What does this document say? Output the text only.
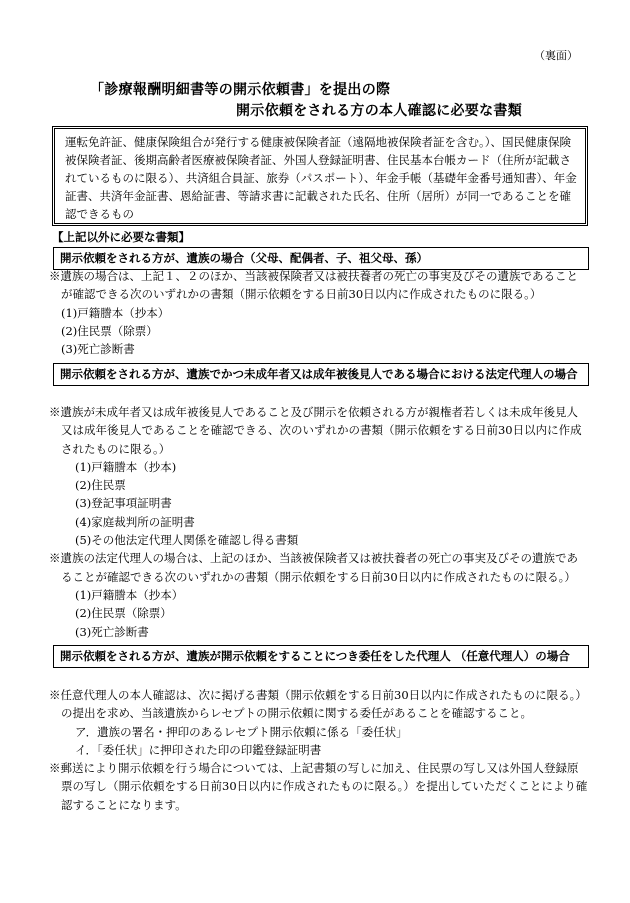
（裏面）
「診療報酬明細書等の開示依頼書」を提出の際
開示依頼をされる方の本人確認に必要な書類
運転免許証、健康保険組合が発行する健康被保険者証（遠隔地被保険者証を含む。）、国民健康保険被保険者証、後期高齢者医療被保険者証、外国人登録証明書、住民基本台帳カード（住所が記載されているものに限る）、共済組合員証、旅券（パスポート）、年金手帳（基礎年金番号通知書）、年金証書、共済年金証書、恩給証書、等請求書に記載された氏名、住所（居所）が同一であることを確認できるもの
【上記以外に必要な書類】
開示依頼をされる方が、遺族の場合（父母、配偶者、子、祖父母、孫）
※遺族の場合は、上記１、２のほか、当該被保険者又は被扶養者の死亡の事実及びその遺族であることが確認できる次のいずれかの書類（開示依頼をする日前30日以内に作成されたものに限る。）
(1)戸籍謄本（抄本）
(2)住民票（除票）
(3)死亡診断書
開示依頼をされる方が、遺族でかつ未成年者又は成年被後見人である場合における法定代理人の場合
※遺族が未成年者又は成年被後見人であること及び開示を依頼される方が親権者若しくは未成年後見人又は成年後見人であることを確認できる、次のいずれかの書類（開示依頼をする日前30日以内に作成されたものに限る。）
(1)戸籍謄本（抄本)
(2)住民票
(3)登記事項証明書
(4)家庭裁判所の証明書
(5)その他法定代理人関係を確認し得る書類
※遺族の法定代理人の場合は、上記のほか、当該被保険者又は被扶養者の死亡の事実及びその遺族であることが確認できる次のいずれかの書類（開示依頼をする日前30日以内に作成されたものに限る。）
(1)戸籍謄本（抄本）
(2)住民票（除票）
(3)死亡診断書
開示依頼をされる方が、遺族が開示依頼をすることにつき委任をした代理人 （任意代理人）の場合
※任意代理人の本人確認は、次に掲げる書類（開示依頼をする日前30日以内に作成されたものに限る。）の提出を求め、当該遺族からレセプトの開示依頼に関する委任があることを確認すること。
ア．遺族の署名・押印のあるレセプト開示依頼に係る「委任状」
イ．「委任状」に押印された印の印鑑登録証明書
※郵送により開示依頼を行う場合については、上記書類の写しに加え、住民票の写し又は外国人登録原票の写し（開示依頼をする日前30日以内に作成されたものに限る。）を提出していただくことにより確認することになります。
